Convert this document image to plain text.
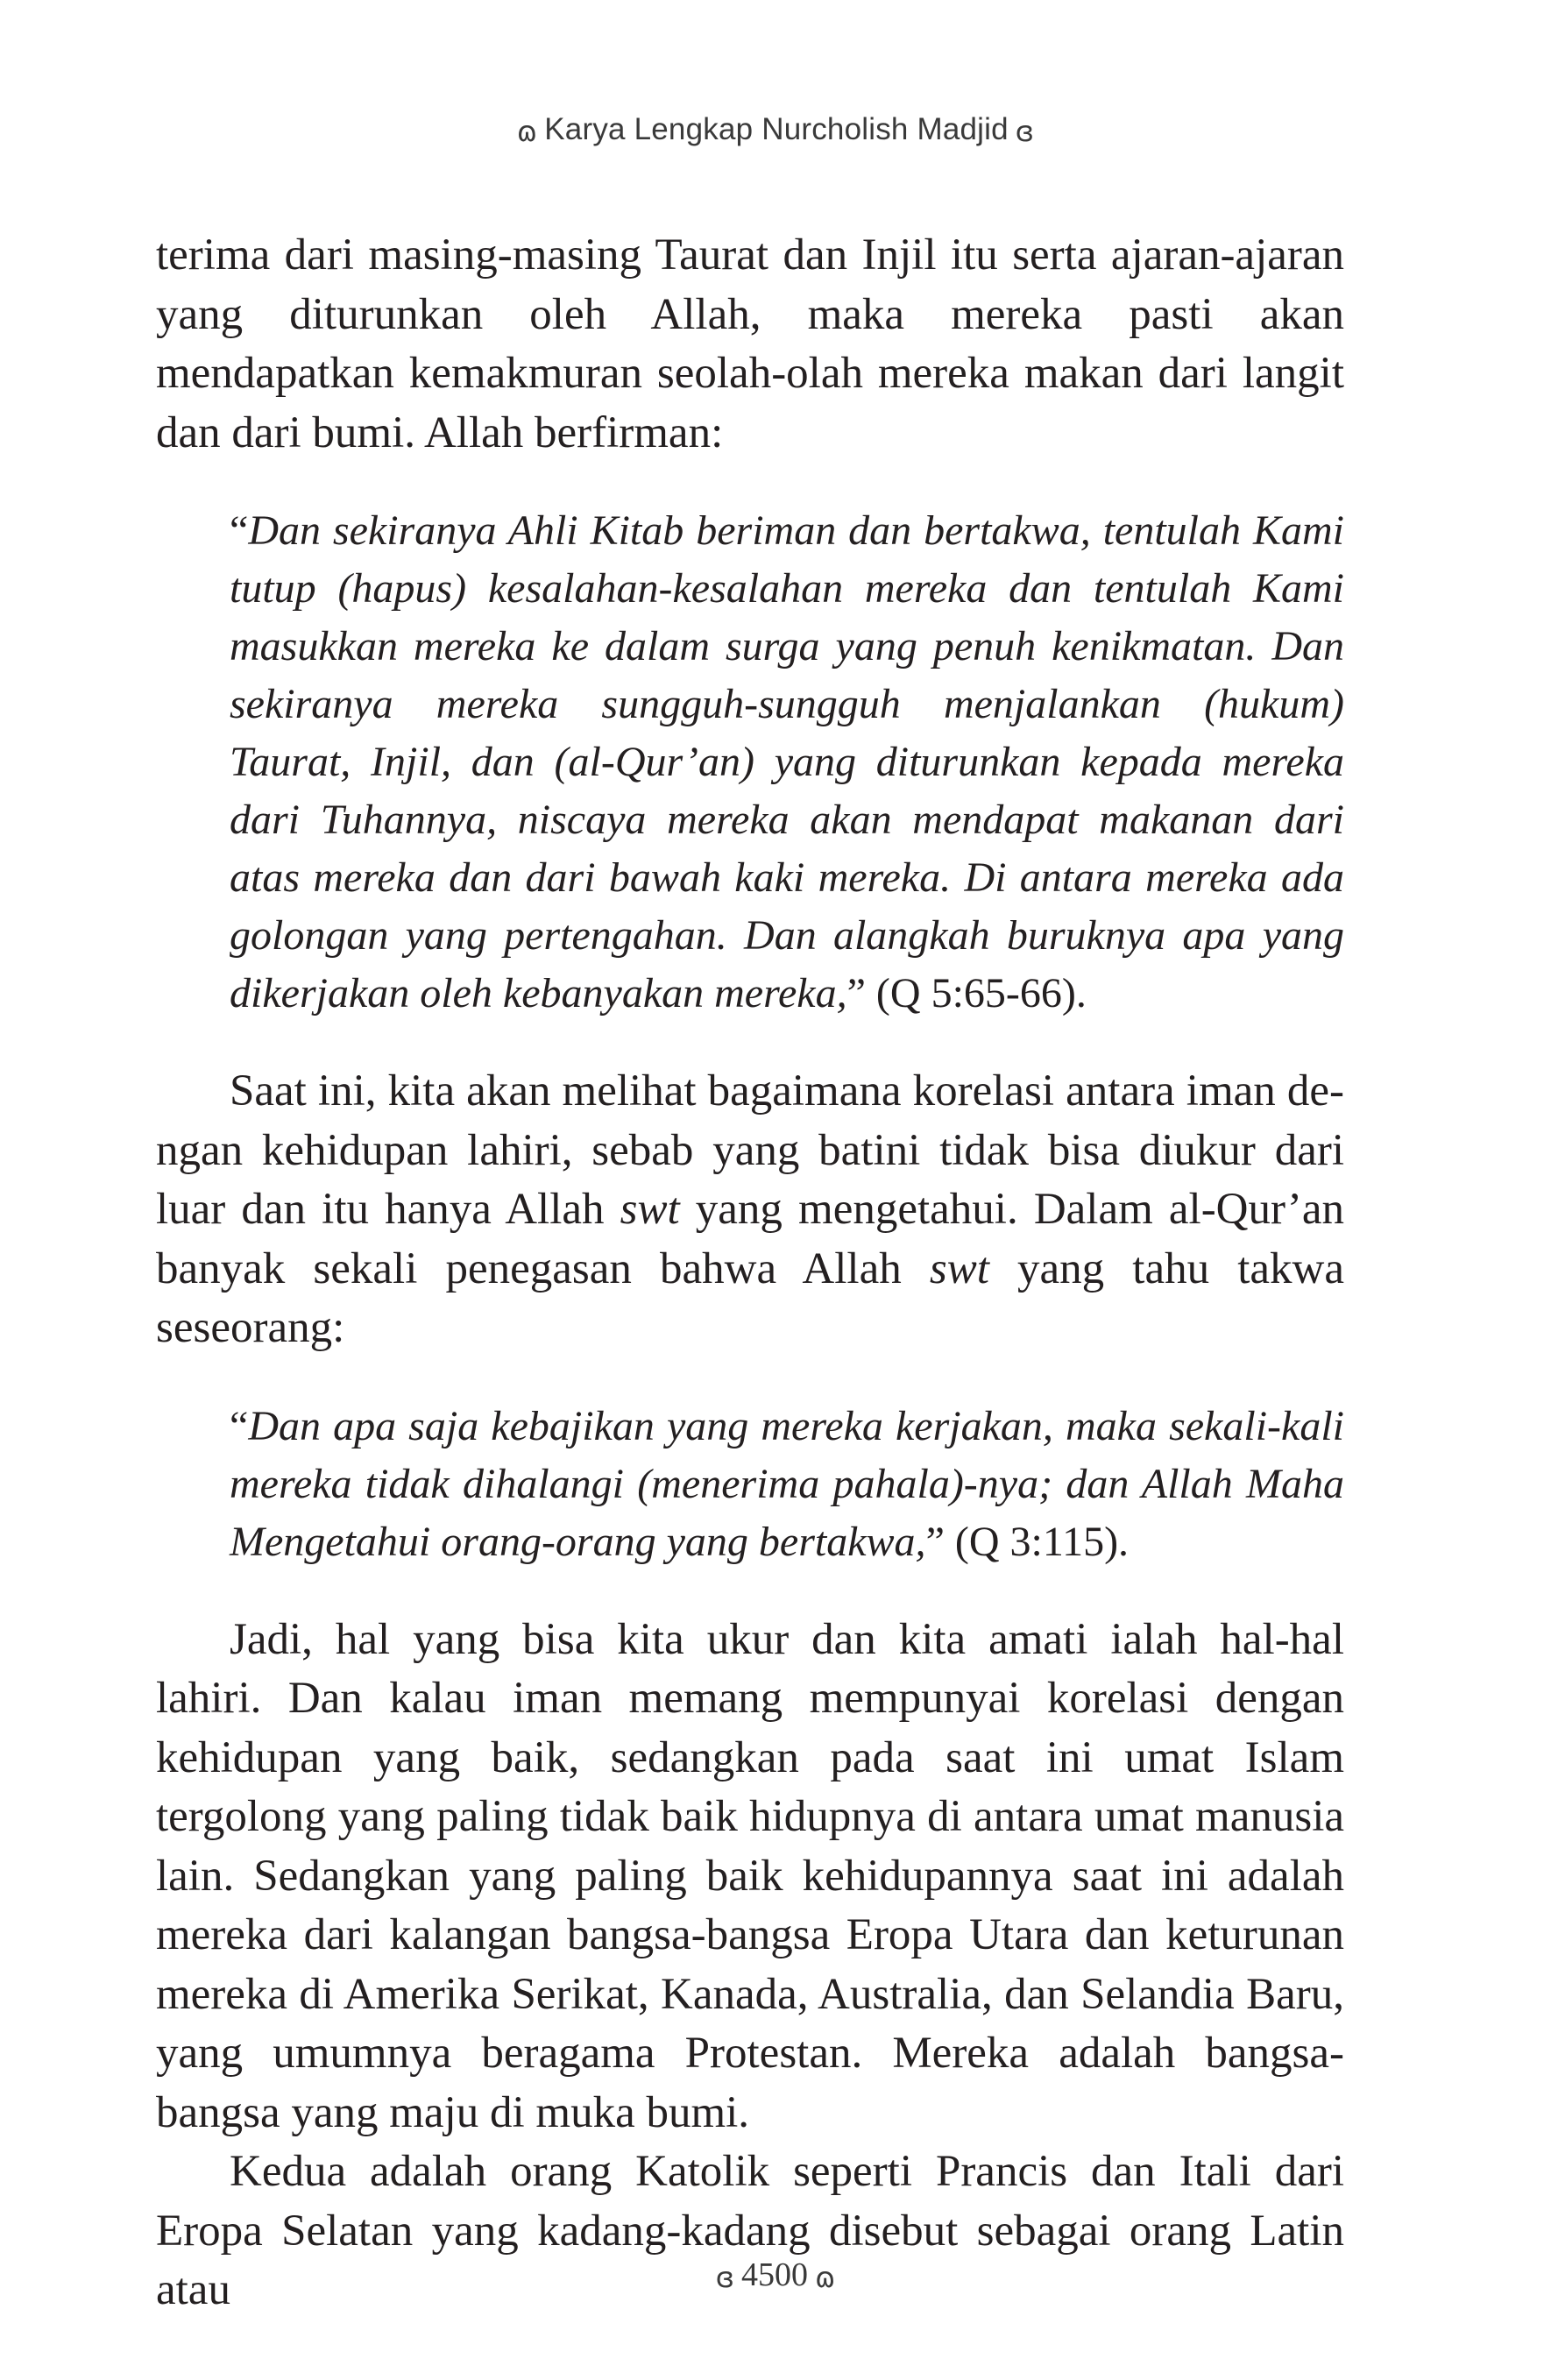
ɷ Karya Lengkap Nurcholish Madjid ɞ

terima dari masing-masing Taurat dan Injil itu serta ajaran-ajaran yang diturunkan oleh Allah, maka mereka pasti akan mendapatkan kemakmuran seolah-olah mereka makan dari langit dan dari bumi. Allah berfirman:

“Dan sekiranya Ahli Kitab beriman dan bertakwa, tentulah Kami tutup (hapus) kesalahan-kesalahan mereka dan tentulah Kami masukkan mereka ke dalam surga yang penuh kenikmatan. Dan sekiranya mereka sungguh-sungguh menjalankan (hukum) Taurat, Injil, dan (al-Qur’an) yang diturunkan kepada mereka dari Tuhannya, niscaya mereka akan mendapat makanan dari atas mereka dan dari bawah kaki mereka. Di antara mereka ada golongan yang pertengahan. Dan alangkah buruknya apa yang dikerjakan oleh kebanyakan mereka,” (Q 5:65-66).

Saat ini, kita akan melihat bagaimana korelasi antara iman dengan kehidupan lahiri, sebab yang batini tidak bisa diukur dari luar dan itu hanya Allah swt yang mengetahui. Dalam al-Qur’an banyak sekali penegasan bahwa Allah swt yang tahu takwa seseorang:

“Dan apa saja kebajikan yang mereka kerjakan, maka sekali-kali mereka tidak dihalangi (menerima pahala)-nya; dan Allah Maha Mengetahui orang-orang yang bertakwa,” (Q 3:115).

Jadi, hal yang bisa kita ukur dan kita amati ialah hal-hal lahiri. Dan kalau iman memang mempunyai korelasi dengan kehidupan yang baik, sedangkan pada saat ini umat Islam tergolong yang paling tidak baik hidupnya di antara umat manusia lain. Sedangkan yang paling baik kehidupannya saat ini adalah mereka dari kalangan bangsa-bangsa Eropa Utara dan keturunan mereka di Amerika Serikat, Kanada, Australia, dan Selandia Baru, yang umumnya beragama Protestan. Mereka adalah bangsa-bangsa yang maju di muka bumi.

Kedua adalah orang Katolik seperti Prancis dan Itali dari Eropa Selatan yang kadang-kadang disebut sebagai orang Latin atau	ɞ 4500 ɷ
